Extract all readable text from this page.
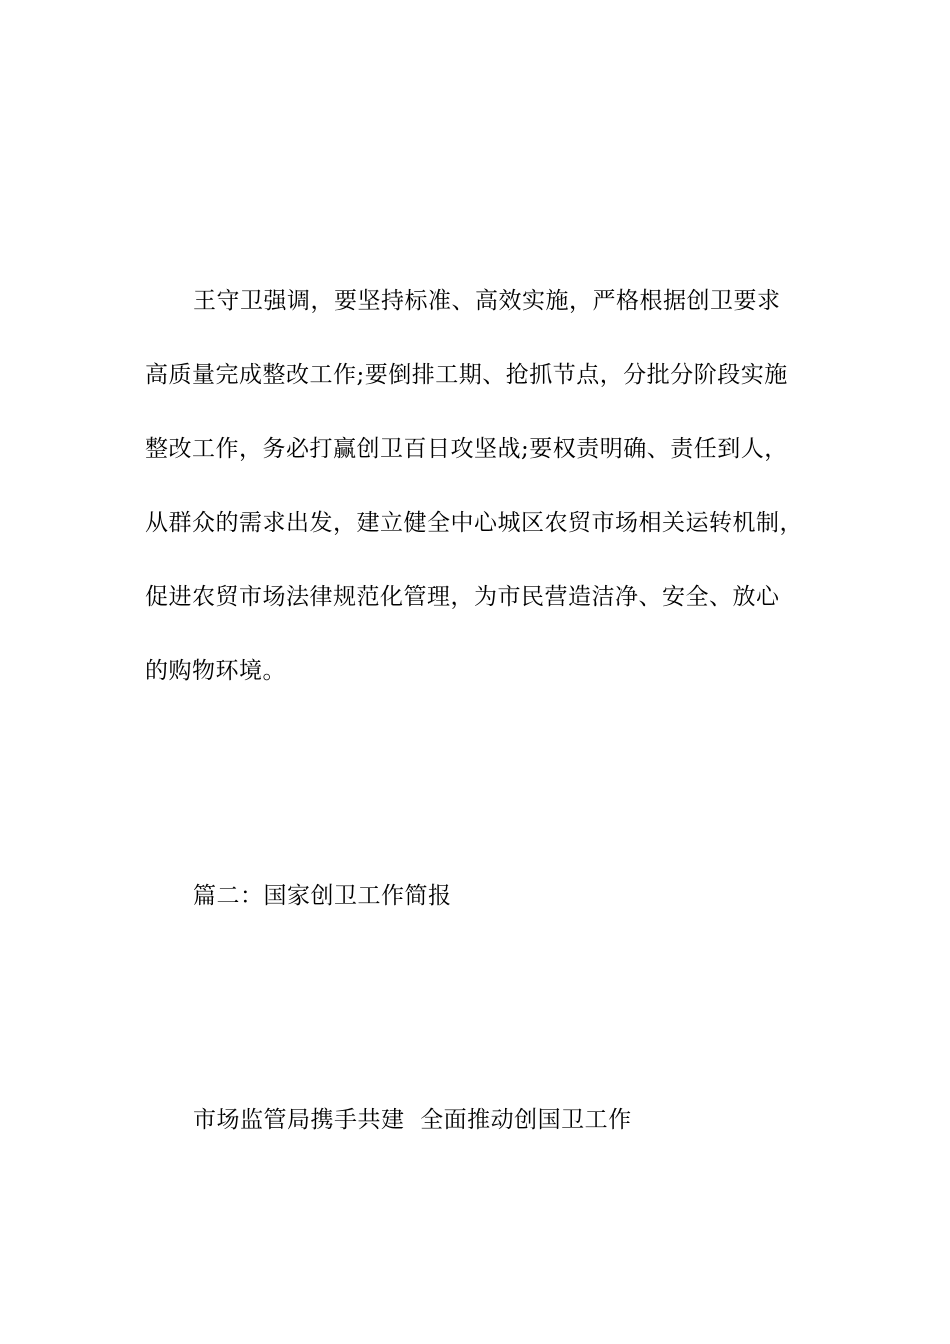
王守卫强调，要坚持标准、高效实施，严格根据创卫要求
高质量完成整改工作;要倒排工期、抢抓节点，分批分阶段实施
整改工作，务必打赢创卫百日攻坚战;要权责明确、责任到人，
从群众的需求出发，建立健全中心城区农贸市场相关运转机制，
促进农贸市场法律规范化管理，为市民营造洁净、安全、放心
的购物环境。
篇二：国家创卫工作简报
市场监管局携手共建  全面推动创国卫工作
